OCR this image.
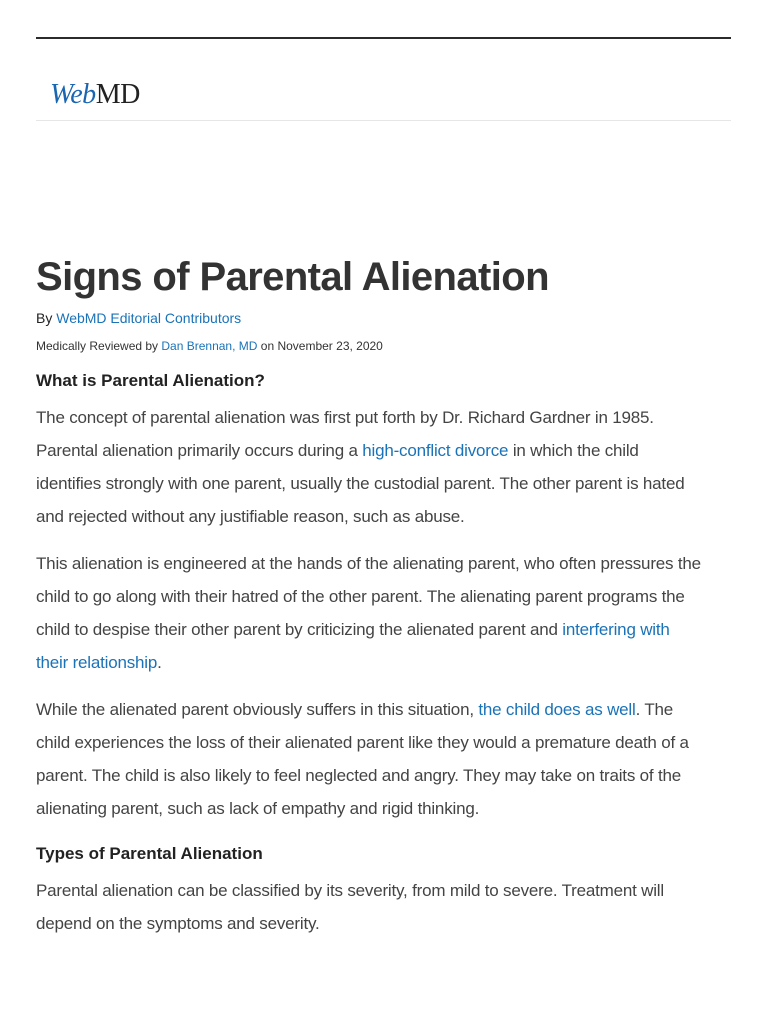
WebMD
Signs of Parental Alienation
By WebMD Editorial Contributors
Medically Reviewed by Dan Brennan, MD on November 23, 2020
What is Parental Alienation?

The concept of parental alienation was first put forth by Dr. Richard Gardner in 1985. Parental alienation primarily occurs during a high-conflict divorce in which the child identifies strongly with one parent, usually the custodial parent. The other parent is hated and rejected without any justifiable reason, such as abuse.

This alienation is engineered at the hands of the alienating parent, who often pressures the child to go along with their hatred of the other parent. The alienating parent programs the child to despise their other parent by criticizing the alienated parent and interfering with their relationship.

While the alienated parent obviously suffers in this situation, the child does as well. The child experiences the loss of their alienated parent like they would a premature death of a parent. The child is also likely to feel neglected and angry. They may take on traits of the alienating parent, such as lack of empathy and rigid thinking.

Types of Parental Alienation

Parental alienation can be classified by its severity, from mild to severe. Treatment will depend on the symptoms and severity.
